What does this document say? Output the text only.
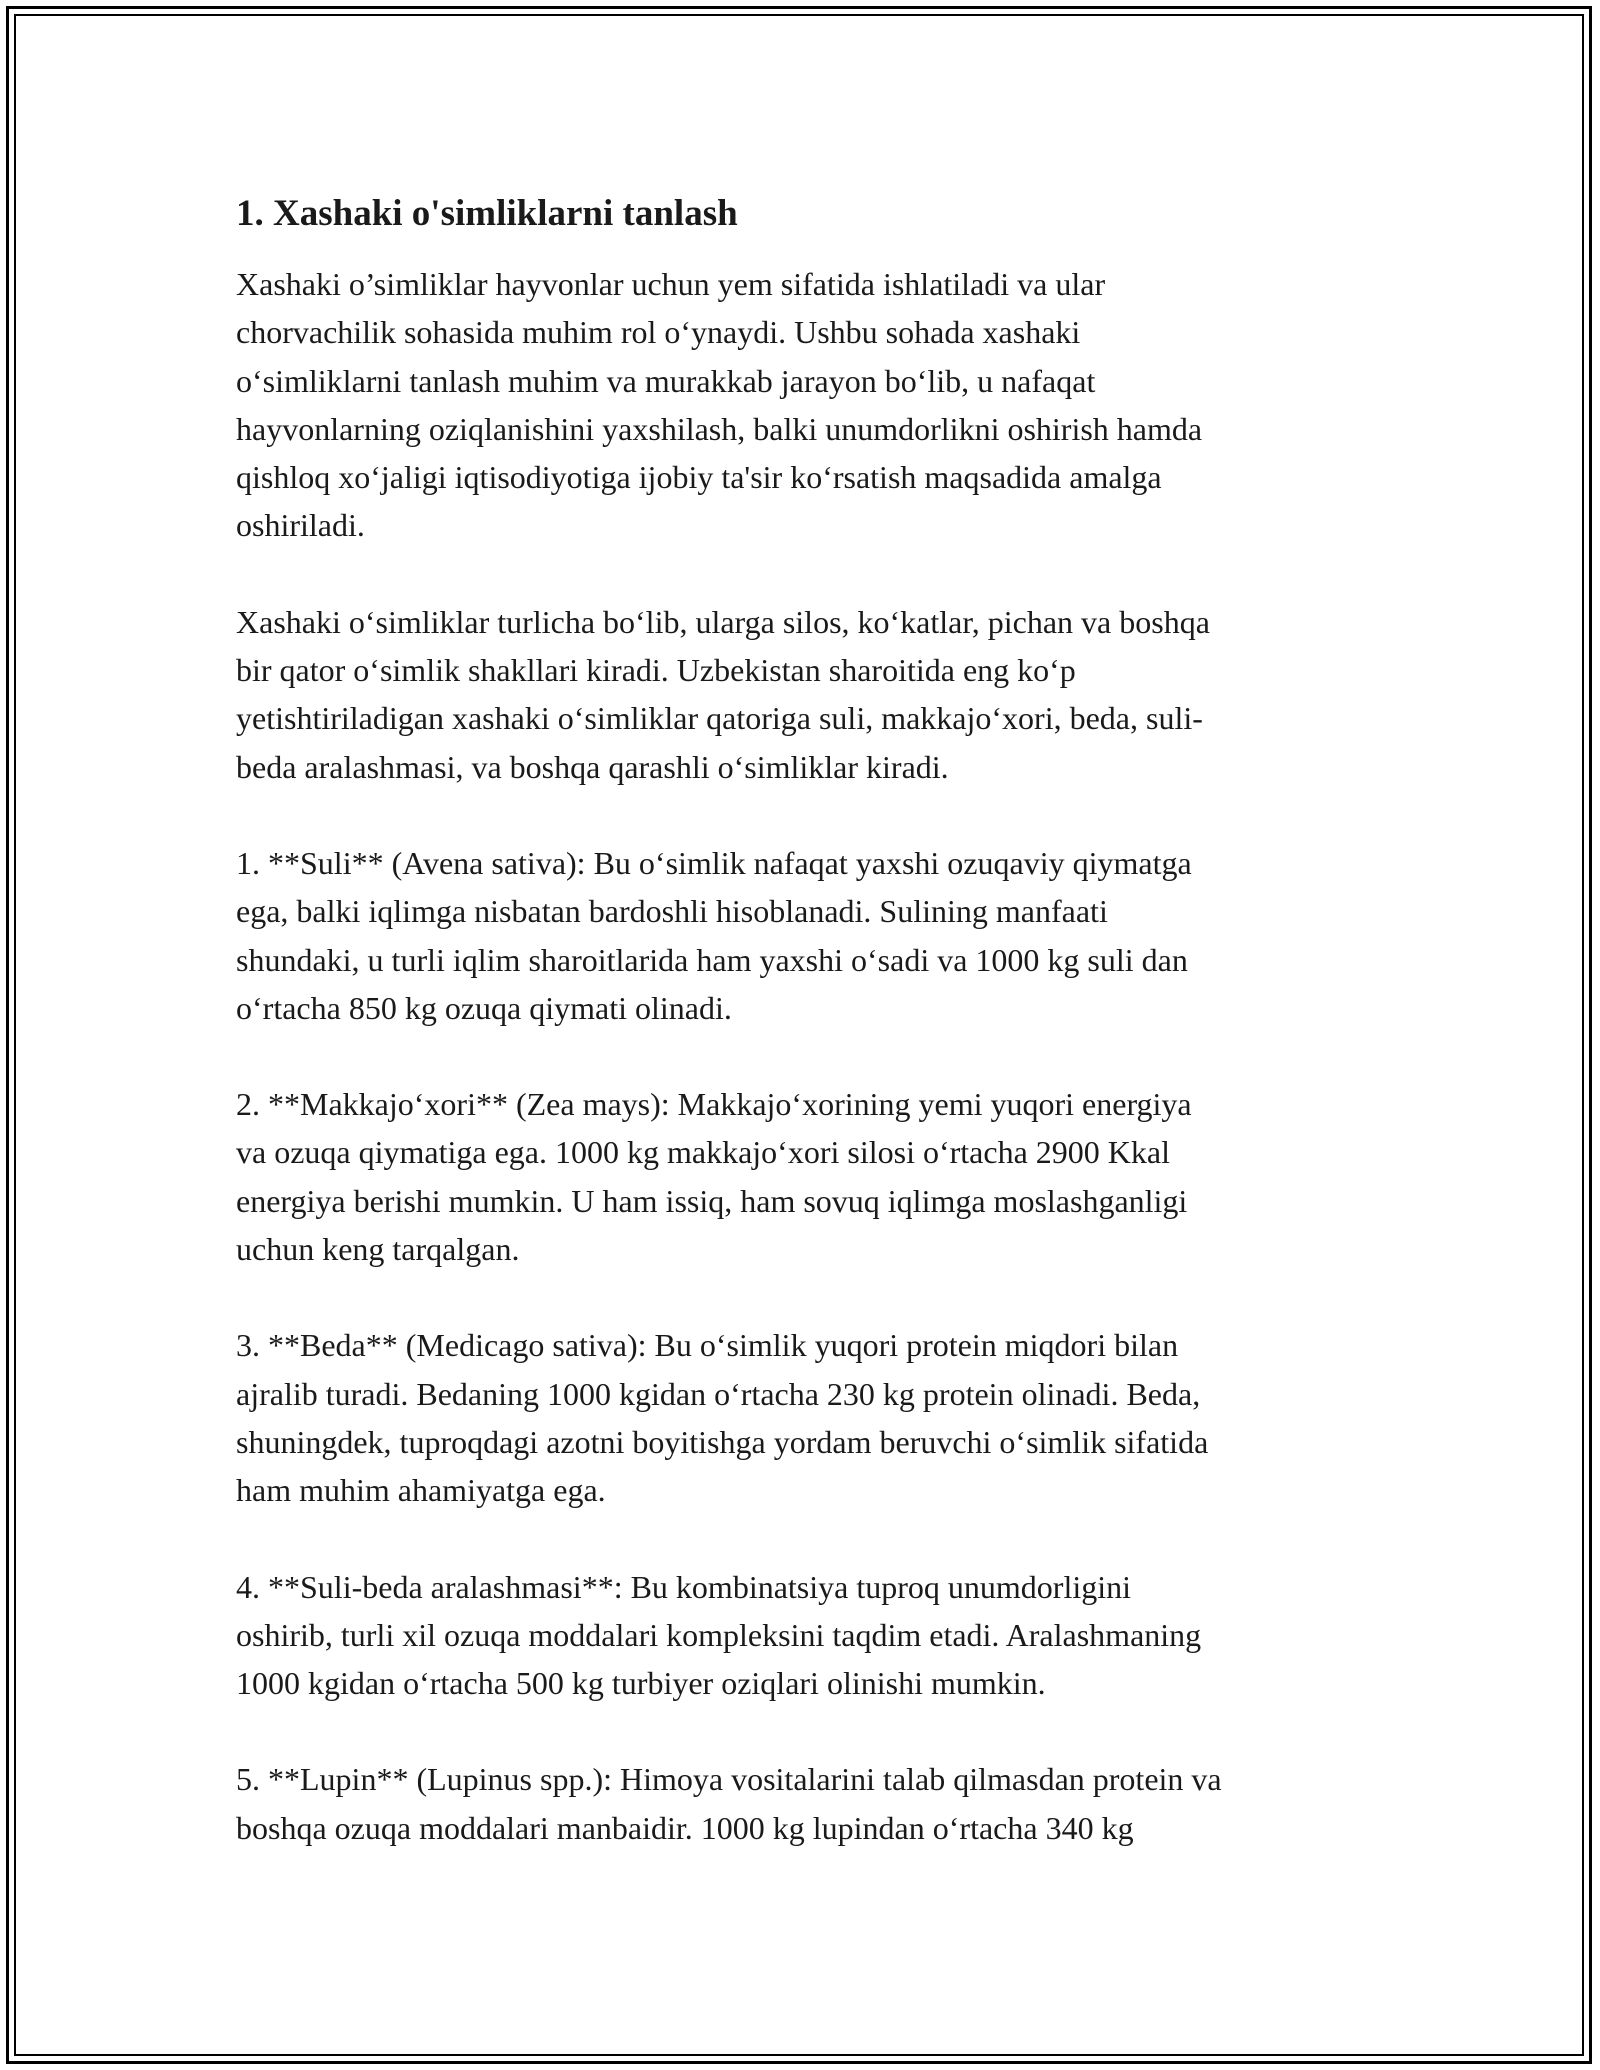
1. Xashaki o'simliklarni tanlash

Xashaki o’simliklar hayvonlar uchun yem sifatida ishlatiladi va ular
chorvachilik sohasida muhim rol o‘ynaydi. Ushbu sohada xashaki
o‘simliklarni tanlash muhim va murakkab jarayon bo‘lib, u nafaqat
hayvonlarning oziqlanishini yaxshilash, balki unumdorlikni oshirish hamda
qishloq xo‘jaligi iqtisodiyotiga ijobiy ta'sir ko‘rsatish maqsadida amalga
oshiriladi.

Xashaki o‘simliklar turlicha bo‘lib, ularga silos, ko‘katlar, pichan va boshqa
bir qator o‘simlik shakllari kiradi. Uzbekistan sharoitida eng ko‘p
yetishtiriladigan xashaki o‘simliklar qatoriga suli, makkajo‘xori, beda, suli-
beda aralashmasi, va boshqa qarashli o‘simliklar kiradi.

1. **Suli** (Avena sativa): Bu o‘simlik nafaqat yaxshi ozuqaviy qiymatga
ega, balki iqlimga nisbatan bardoshli hisoblanadi. Sulining manfaati
shundaki, u turli iqlim sharoitlarida ham yaxshi o‘sadi va 1000 kg suli dan
o‘rtacha 850 kg ozuqa qiymati olinadi.

2. **Makkajo‘xori** (Zea mays): Makkajo‘xorining yemi yuqori energiya
va ozuqa qiymatiga ega. 1000 kg makkajo‘xori silosi o‘rtacha 2900 Kkal
energiya berishi mumkin. U ham issiq, ham sovuq iqlimga moslashganligi
uchun keng tarqalgan.

3. **Beda** (Medicago sativa): Bu o‘simlik yuqori protein miqdori bilan
ajralib turadi. Bedaning 1000 kgidan o‘rtacha 230 kg protein olinadi. Beda,
shuningdek, tuproqdagi azotni boyitishga yordam beruvchi o‘simlik sifatida
ham muhim ahamiyatga ega.

4. **Suli-beda aralashmasi**: Bu kombinatsiya tuproq unumdorligini
oshirib, turli xil ozuqa moddalari kompleksini taqdim etadi. Aralashmaning
1000 kgidan o‘rtacha 500 kg turbiyer oziqlari olinishi mumkin.

5. **Lupin** (Lupinus spp.): Himoya vositalarini talab qilmasdan protein va
boshqa ozuqa moddalari manbaidir. 1000 kg lupindan o‘rtacha 340 kg
